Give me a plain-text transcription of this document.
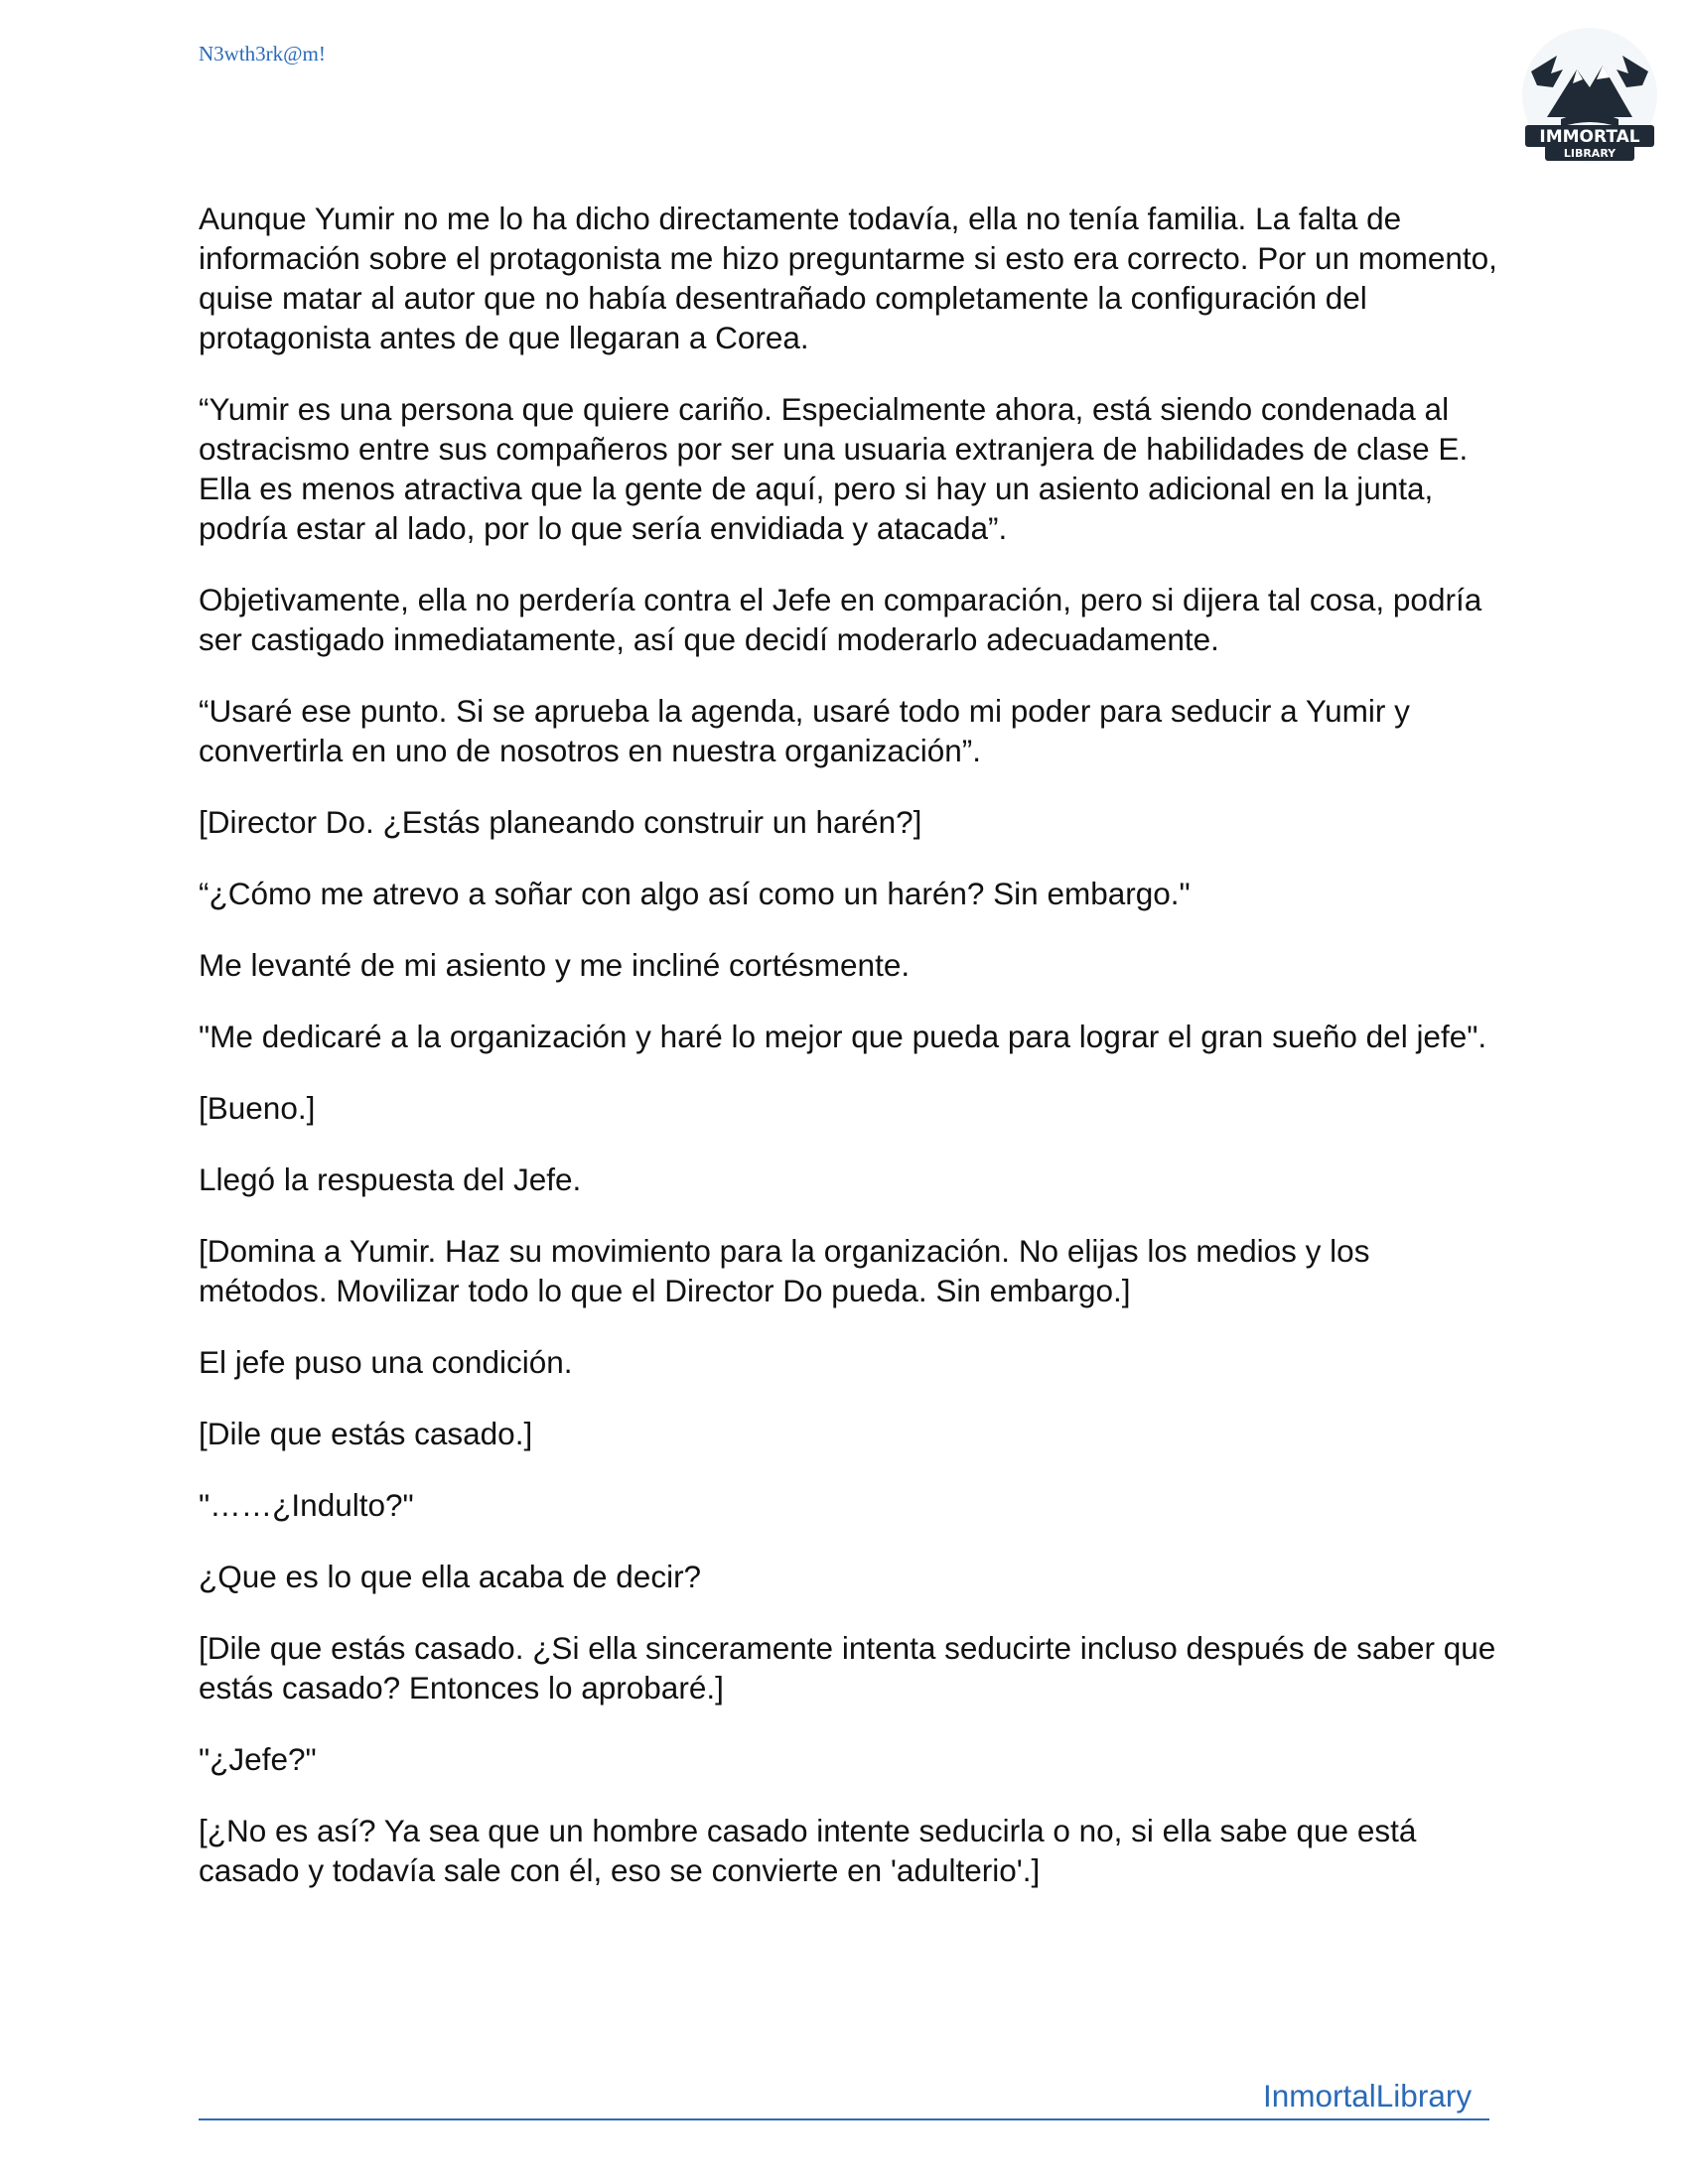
N3wth3rk@m!
IMMORTAL
LIBRARY

Aunque Yumir no me lo ha dicho directamente todavía, ella no tenía familia. La falta de información sobre el protagonista me hizo preguntarme si esto era correcto. Por un momento, quise matar al autor que no había desentrañado completamente la configuración del protagonista antes de que llegaran a Corea.

“Yumir es una persona que quiere cariño. Especialmente ahora, está siendo condenada al ostracismo entre sus compañeros por ser una usuaria extranjera de habilidades de clase E. Ella es menos atractiva que la gente de aquí, pero si hay un asiento adicional en la junta, podría estar al lado, por lo que sería envidiada y atacada”.

Objetivamente, ella no perdería contra el Jefe en comparación, pero si dijera tal cosa, podría ser castigado inmediatamente, así que decidí moderarlo adecuadamente.

“Usaré ese punto. Si se aprueba la agenda, usaré todo mi poder para seducir a Yumir y convertirla en uno de nosotros en nuestra organización”.

[Director Do. ¿Estás planeando construir un harén?]

“¿Cómo me atrevo a soñar con algo así como un harén? Sin embargo."

Me levanté de mi asiento y me incliné cortésmente.

"Me dedicaré a la organización y haré lo mejor que pueda para lograr el gran sueño del jefe".

[Bueno.]

Llegó la respuesta del Jefe.

[Domina a Yumir. Haz su movimiento para la organización. No elijas los medios y los métodos. Movilizar todo lo que el Director Do pueda. Sin embargo.]

El jefe puso una condición.

[Dile que estás casado.]

"……¿Indulto?"

¿Que es lo que ella acaba de decir?

[Dile que estás casado. ¿Si ella sinceramente intenta seducirte incluso después de saber que estás casado? Entonces lo aprobaré.]

"¿Jefe?"

[¿No es así? Ya sea que un hombre casado intente seducirla o no, si ella sabe que está casado y todavía sale con él, eso se convierte en 'adulterio'.]

InmortalLibrary
